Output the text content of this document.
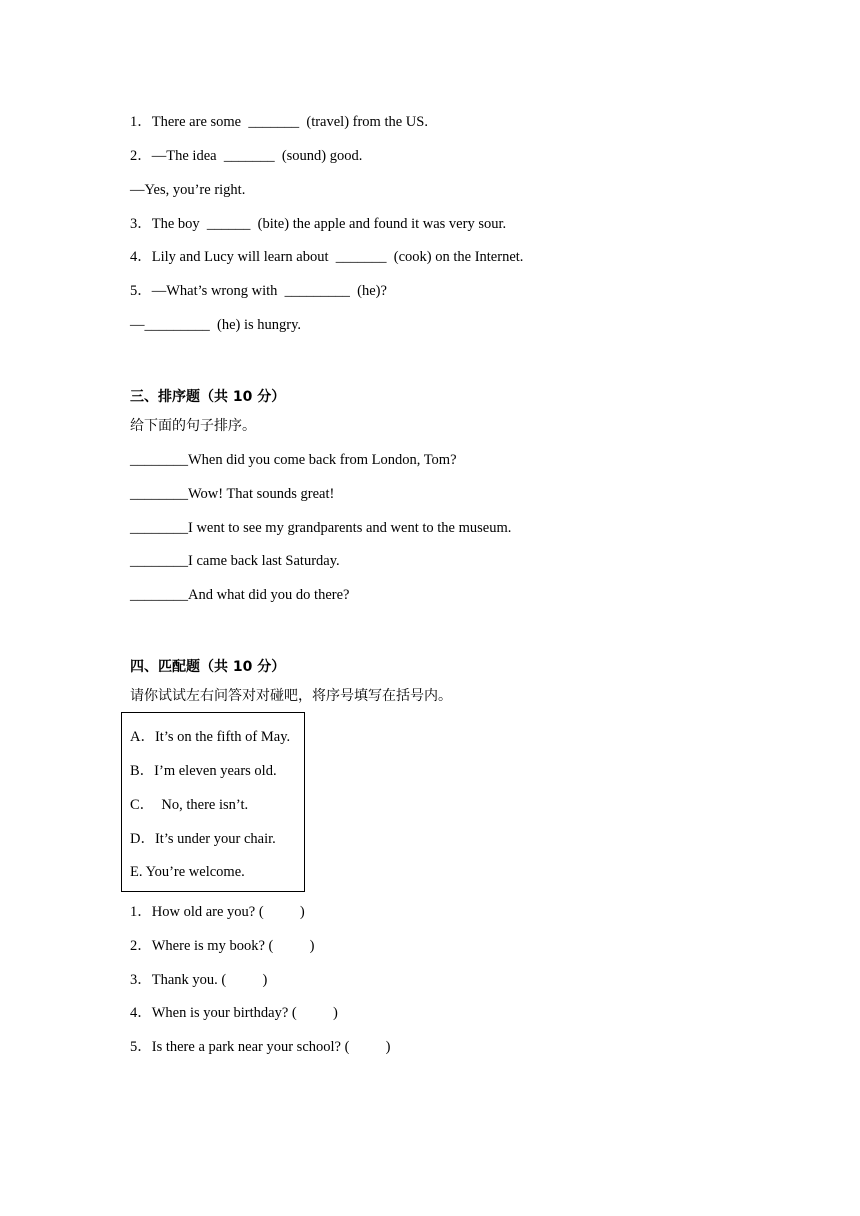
1．There are some  _______  (travel) from the US.
2．—The idea  _______  (sound) good.
—Yes, you’re right.
3．The boy  ______  (bite) the apple and found it was very sour.
4．Lily and Lucy will learn about  _______  (cook) on the Internet.
5．—What’s wrong with  _________  (he)?
—_________  (he) is hungry.
三、排序题（共 10 分）
给下面的句子排序。
________When did you come back from London, Tom?
________Wow! That sounds great!
________I went to see my grandparents and went to the museum.
________I came back last Saturday.
________And what did you do there?
四、匹配题（共 10 分）
请你试试左右问答对对碰吧，将序号填写在括号内。
A．It’s on the fifth of May.
B．I’m eleven years old.
C．  No, there isn’t.
D．It’s under your chair.
E. You’re welcome.
1．How old are you? (          )
2．Where is my book? (          )
3．Thank you. (          )
4．When is your birthday? (          )
5．Is there a park near your school? (          )
